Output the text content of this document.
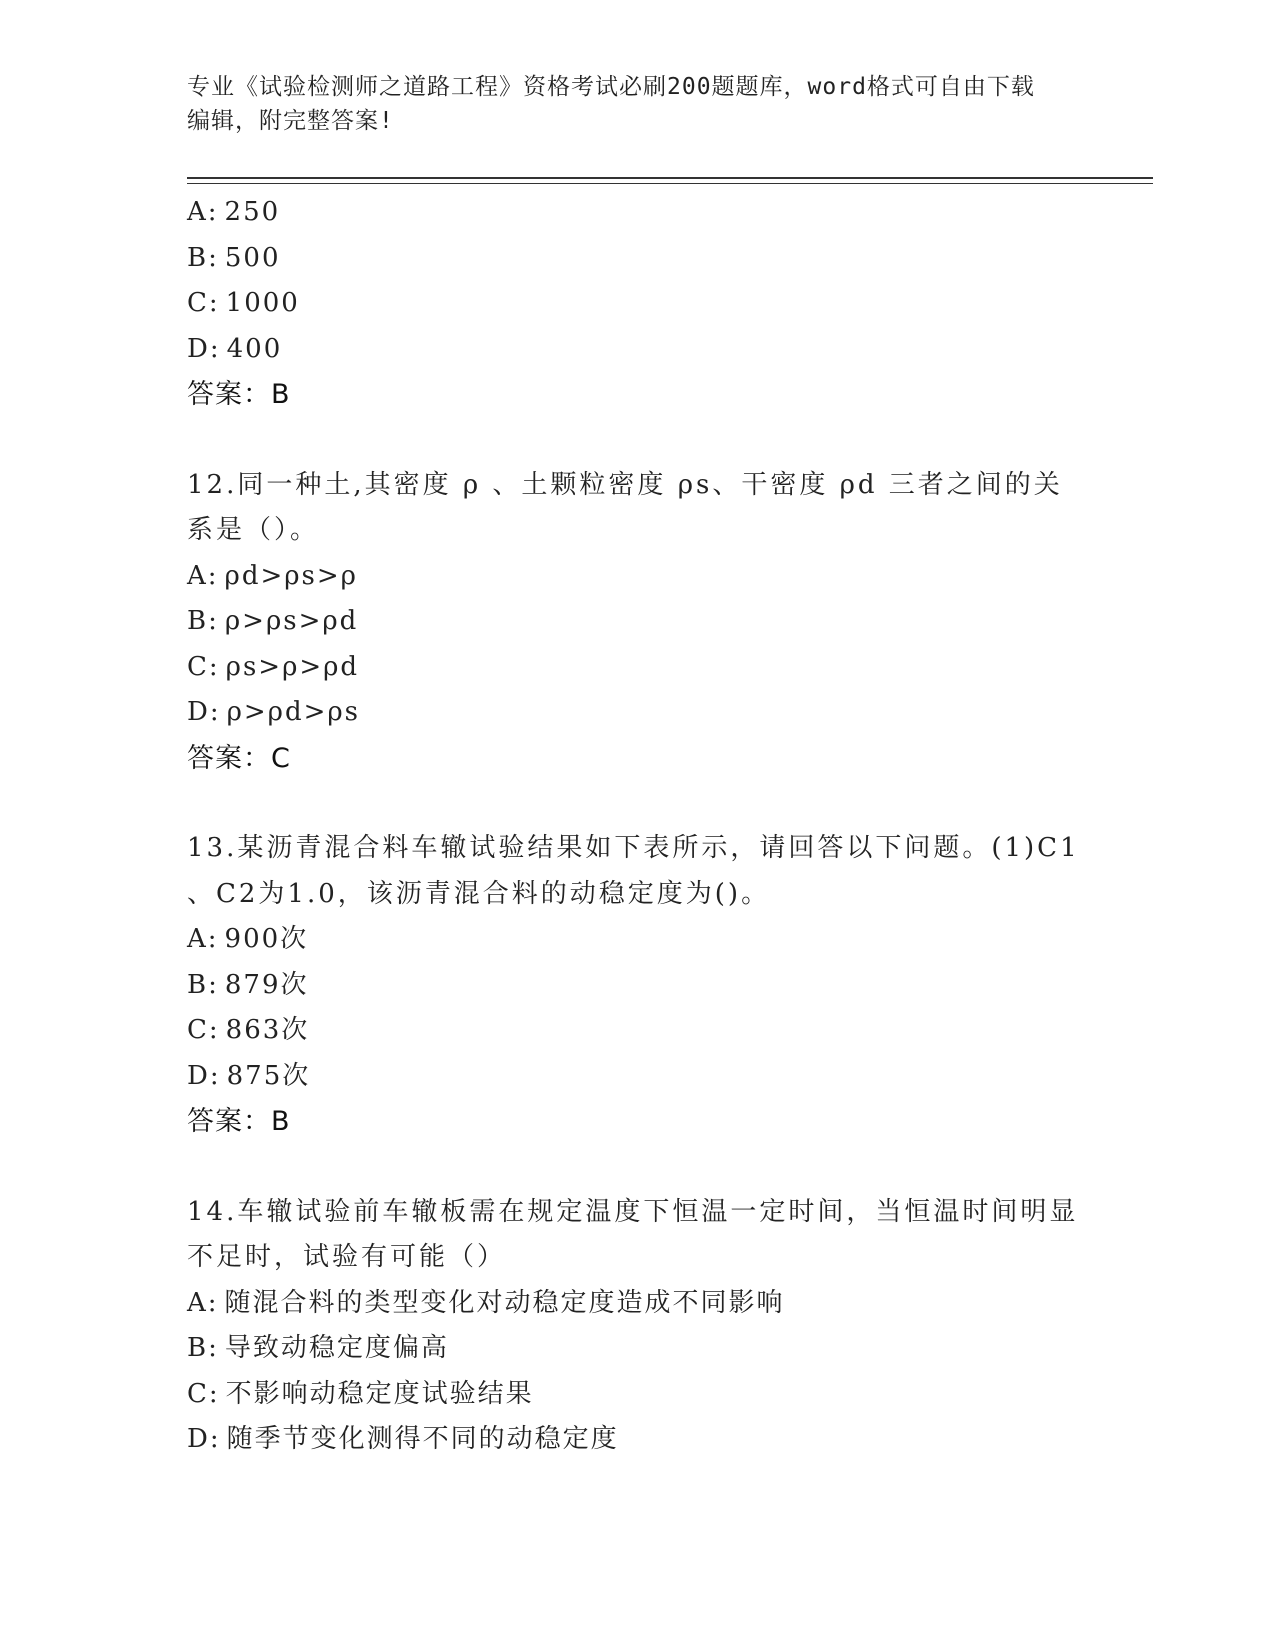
专业《试验检测师之道路工程》资格考试必刷200题题库，word格式可自由下载
编辑，附完整答案!
A: 250
B: 500
C: 1000
D: 400
答案：B
12.同一种土,其密度 ρ 、土颗粒密度 ρs、干密度 ρd 三者之间的关
系是（）。
A:ρd>ρs>ρ
B:ρ>ρs>ρd
C:ρs>ρ>ρd
D:ρ>ρd>ρs
答案：C
13.某沥青混合料车辙试验结果如下表所示，请回答以下问题。(1)C1
、C2为1.0，该沥青混合料的动稳定度为()。
A: 900次
B: 879次
C: 863次
D: 875次
答案：B
14.车辙试验前车辙板需在规定温度下恒温一定时间，当恒温时间明显
不足时，试验有可能（）
A: 随混合料的类型变化对动稳定度造成不同影响
B: 导致动稳定度偏高
C: 不影响动稳定度试验结果
D: 随季节变化测得不同的动稳定度
